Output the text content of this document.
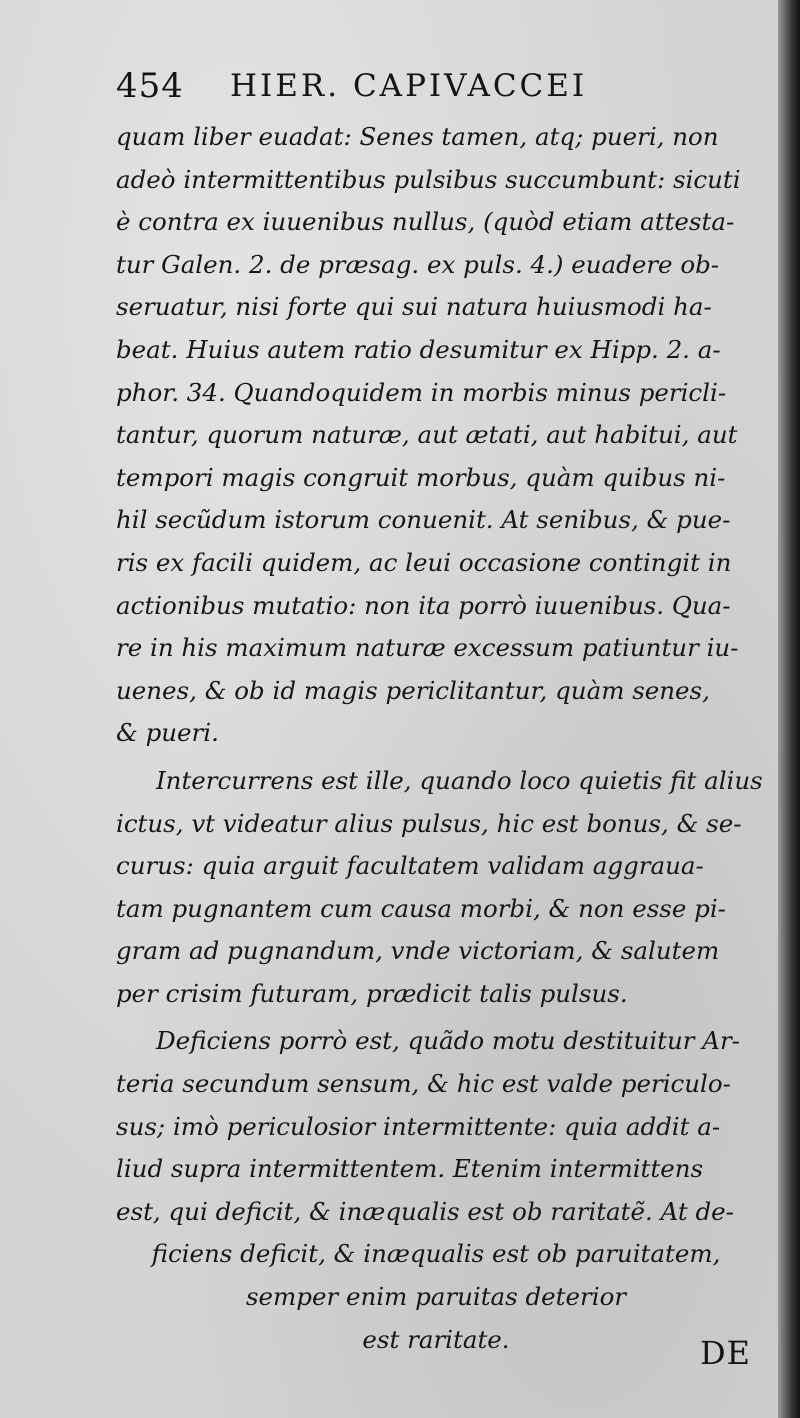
454 HIER. CAPIVACCEI
quam liber euadat: Senes tamen, atq; pueri, non
adeò intermittentibus pulsibus succumbunt: sicuti
è contra ex iuuenibus nullus, (quòd etiam attesta-
tur Galen. 2. de præsag. ex puls. 4.) euadere ob-
seruatur, nisi forte qui sui natura huiusmodi ha-
beat. Huius autem ratio desumitur ex Hipp. 2. a-
phor. 34. Quandoquidem in morbis minus pericli-
tantur, quorum naturæ, aut ætati, aut habitui, aut
tempori magis congruit morbus, quàm quibus ni-
hil secũdum istorum conuenit. At senibus, & pue-
ris ex facili quidem, ac leui occasione contingit in
actionibus mutatio: non ita porrò iuuenibus. Qua-
re in his maximum naturæ excessum patiuntur iu-
uenes, & ob id magis periclitantur, quàm senes,
& pueri.
Intercurrens est ille, quando loco quietis fit alius
ictus, vt videatur alius pulsus, hic est bonus, & se-
curus: quia arguit facultatem validam aggraua-
tam pugnantem cum causa morbi, & non esse pi-
gram ad pugnandum, vnde victoriam, & salutem
per crisim futuram, prædicit talis pulsus.
Deficiens porrò est, quãdo motu destituitur Ar-
teria secundum sensum, & hic est valde periculo-
sus; imò periculosior intermittente: quia addit a-
liud supra intermittentem. Etenim intermittens
est, qui deficit, & inæqualis est ob raritatẽ. At de-
ficiens deficit, & inæqualis est ob paruitatem,
semper enim paruitas deterior
est raritate.	DE
